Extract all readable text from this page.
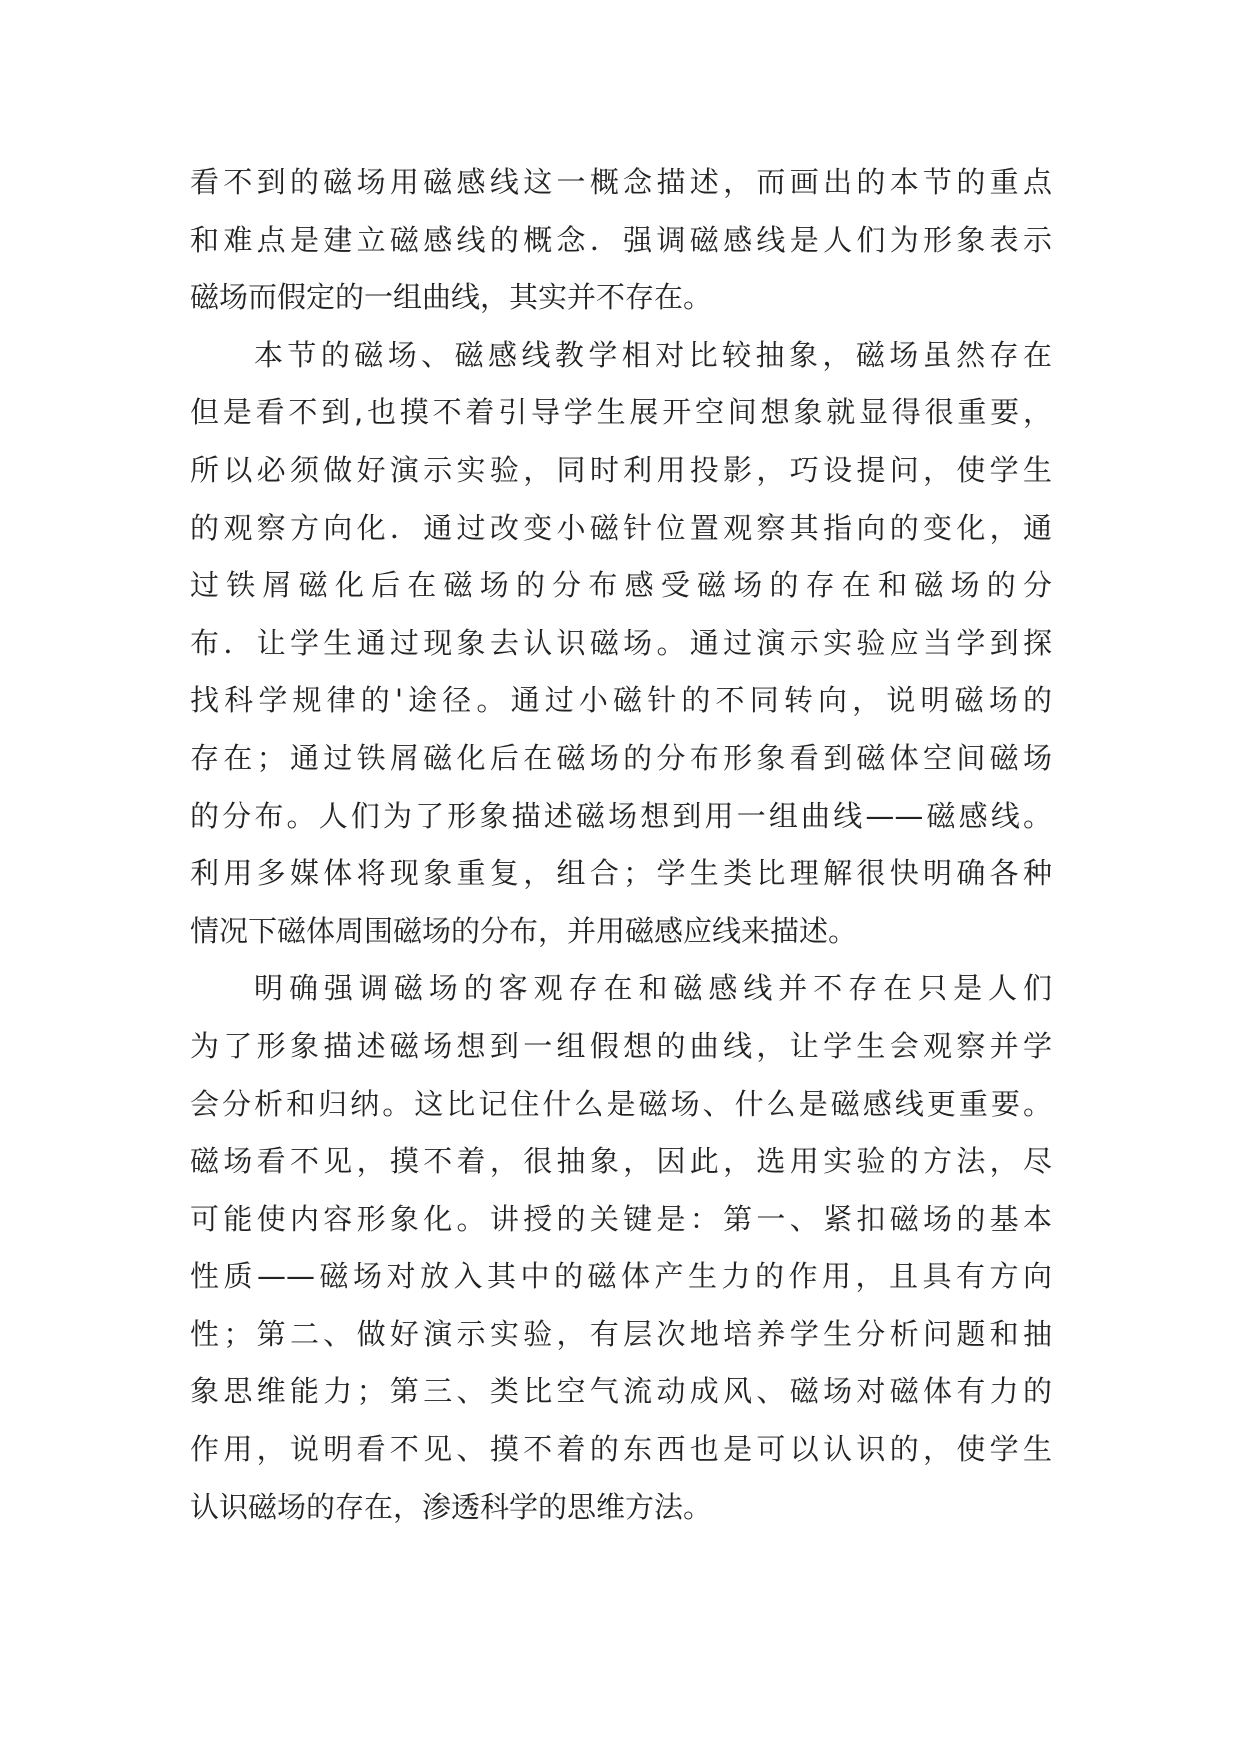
看不到的磁场用磁感线这一概念描述，而画出的本节的重点
和难点是建立磁感线的概念．强调磁感线是人们为形象表示
磁场而假定的一组曲线，其实并不存在。
本节的磁场、磁感线教学相对比较抽象，磁场虽然存在
但是看不到,也摸不着引导学生展开空间想象就显得很重要，
所以必须做好演示实验，同时利用投影，巧设提问，使学生
的观察方向化．通过改变小磁针位置观察其指向的变化，通
过铁屑磁化后在磁场的分布感受磁场的存在和磁场的分
布．让学生通过现象去认识磁场。通过演示实验应当学到探
找科学规律的'途径。通过小磁针的不同转向，说明磁场的
存在；通过铁屑磁化后在磁场的分布形象看到磁体空间磁场
的分布。人们为了形象描述磁场想到用一组曲线——磁感线。
利用多媒体将现象重复，组合；学生类比理解很快明确各种
情况下磁体周围磁场的分布，并用磁感应线来描述。
明确强调磁场的客观存在和磁感线并不存在只是人们
为了形象描述磁场想到一组假想的曲线，让学生会观察并学
会分析和归纳。这比记住什么是磁场、什么是磁感线更重要。
磁场看不见，摸不着，很抽象，因此，选用实验的方法，尽
可能使内容形象化。讲授的关键是：第一、紧扣磁场的基本
性质——磁场对放入其中的磁体产生力的作用，且具有方向
性；第二、做好演示实验，有层次地培养学生分析问题和抽
象思维能力；第三、类比空气流动成风、磁场对磁体有力的
作用，说明看不见、摸不着的东西也是可以认识的，使学生
认识磁场的存在，渗透科学的思维方法。
